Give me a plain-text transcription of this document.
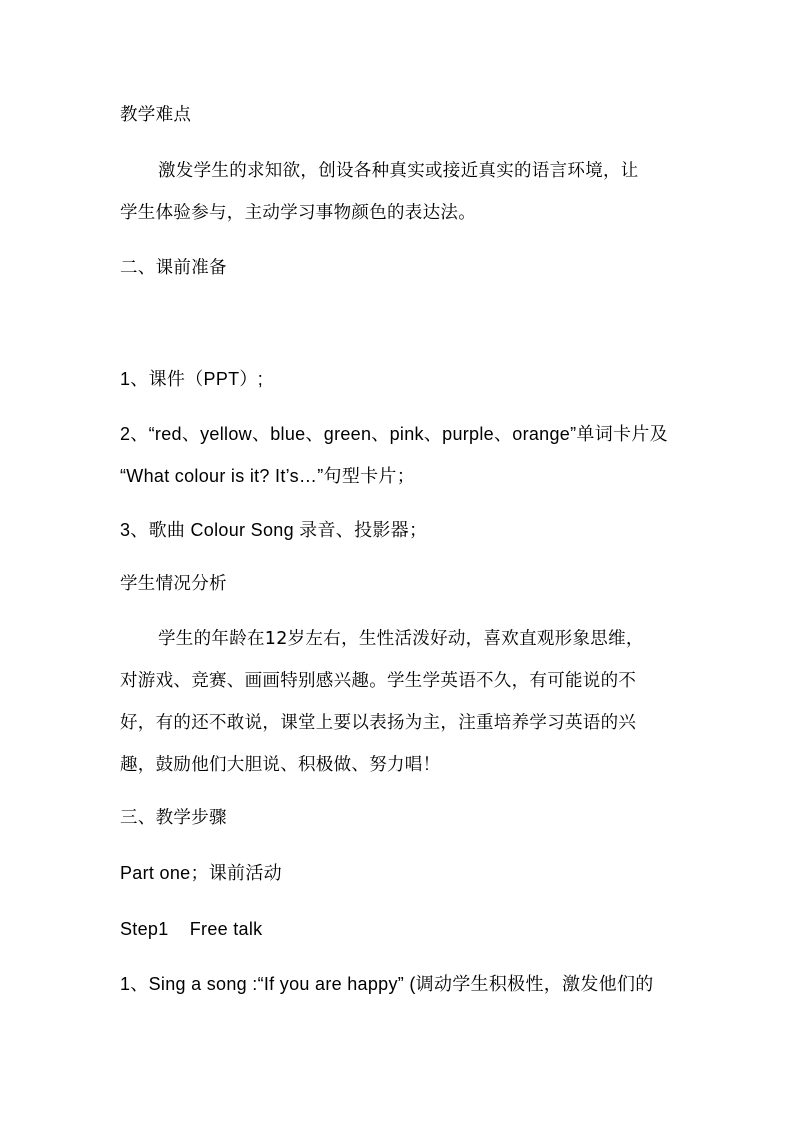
教学难点
激发学生的求知欲，创设各种真实或接近真实的语言环境，让
学生体验参与，主动学习事物颜色的表达法。
二、课前准备
1、课件（PPT）;
2、“red、yellow、blue、green、pink、purple、orange”单词卡片及
“What colour is it? It’s…”句型卡片；
3、歌曲 Colour Song 录音、投影器；
学生情况分析
学生的年龄在12岁左右，生性活泼好动，喜欢直观形象思维，
对游戏、竞赛、画画特别感兴趣。学生学英语不久，有可能说的不
好，有的还不敢说，课堂上要以表扬为主，注重培养学习英语的兴
趣，鼓励他们大胆说、积极做、努力唱！
三、教学步骤
Part one；课前活动
Step1    Free talk
1、Sing a song :“If you are happy” (调动学生积极性，激发他们的
